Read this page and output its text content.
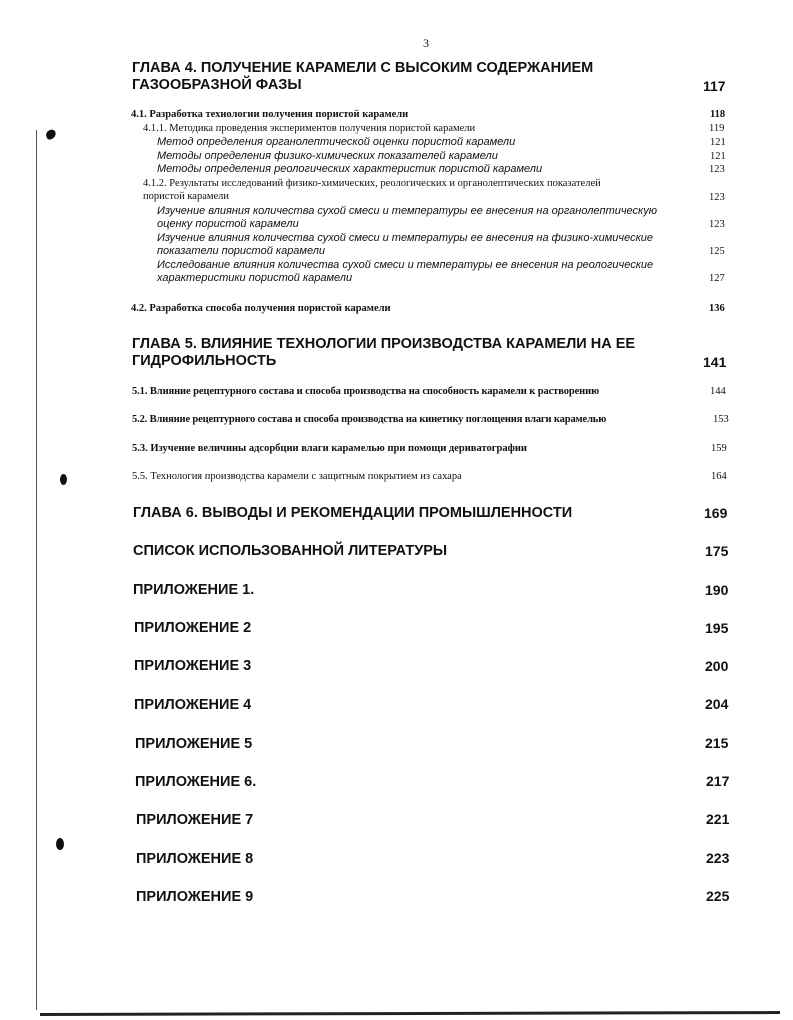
3
ГЛАВА 4. ПОЛУЧЕНИЕ КАРАМЕЛИ С ВЫСОКИМ СОДЕРЖАНИЕМ
ГАЗООБРАЗНОЙ ФАЗЫ	117
4.1. Разработка технологии получения пористой карамели	118
4.1.1. Методика проведения экспериментов получения пористой карамели	119
Метод определения органолептической оценки пористой карамели	121
Методы определения физико-химических показателей карамели	121
Методы определения реологических характеристик пористой карамели	123
4.1.2. Результаты исследований физико-химических, реологических и органолептических показателей
пористой карамели	123
Изучение влияния количества сухой смеси и температуры ее внесения на органолептическую
оценку пористой карамели	123
Изучение влияния количества сухой смеси и температуры ее внесения на физико-химические
показатели пористой карамели	125
Исследование влияния количества сухой смеси и температуры ее внесения на реологические
характеристики пористой карамели	127
4.2. Разработка способа получения пористой карамели	136
ГЛАВА 5. ВЛИЯНИЕ ТЕХНОЛОГИИ ПРОИЗВОДСТВА КАРАМЕЛИ НА ЕЕ
ГИДРОФИЛЬНОСТЬ	141
5.1. Влияние рецептурного состава и способа производства на способность карамели к растворению	144
5.2. Влияние рецептурного состава и способа производства на кинетику поглощения влаги карамелью	153
5.3. Изучение величины адсорбции влаги карамелью при помощи дериватографии	159
5.5. Технология производства карамели с защитным покрытием из сахара	164
ГЛАВА 6. ВЫВОДЫ И РЕКОМЕНДАЦИИ ПРОМЫШЛЕННОСТИ	169
СПИСОК ИСПОЛЬЗОВАННОЙ ЛИТЕРАТУРЫ	175
ПРИЛОЖЕНИЕ 1.	190
ПРИЛОЖЕНИЕ 2	195
ПРИЛОЖЕНИЕ 3	200
ПРИЛОЖЕНИЕ 4	204
ПРИЛОЖЕНИЕ 5	215
ПРИЛОЖЕНИЕ 6.	217
ПРИЛОЖЕНИЕ 7	221
ПРИЛОЖЕНИЕ 8	223
ПРИЛОЖЕНИЕ 9	225
